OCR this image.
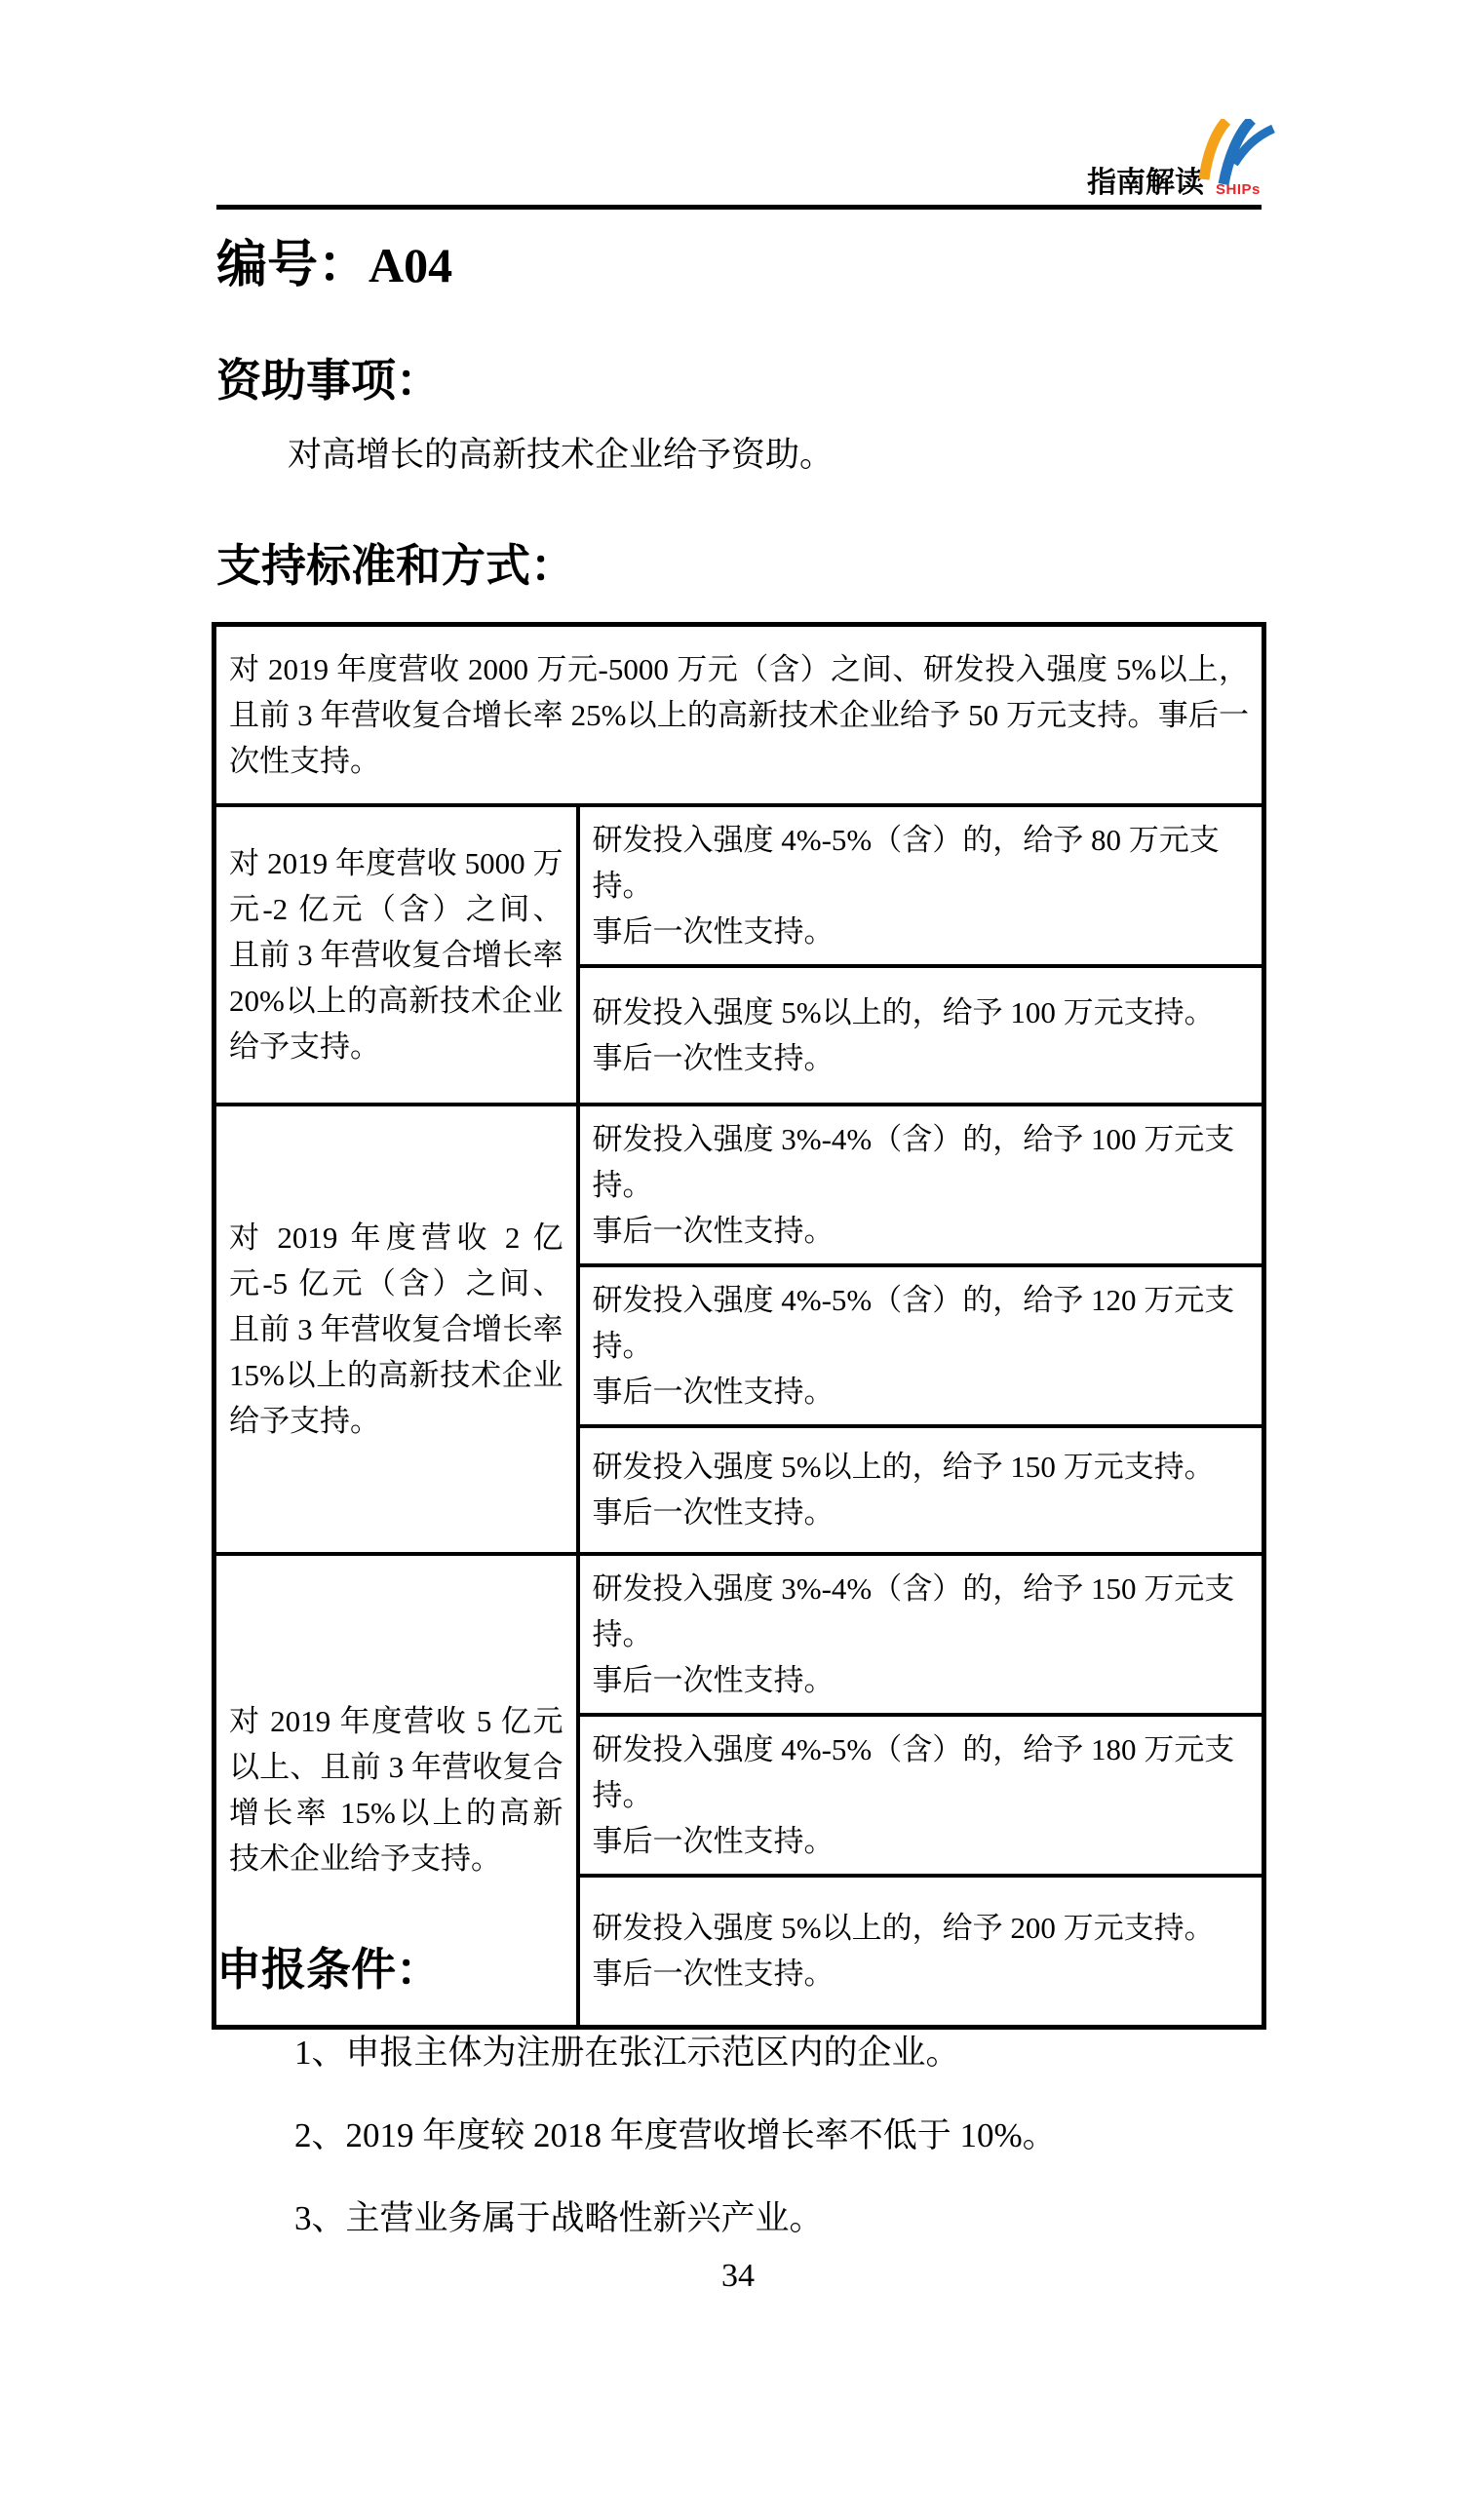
指南解读 SHIPs
编号：A04
资助事项：
对高增长的高新技术企业给予资助。
支持标准和方式：
对 2019 年度营收 2000 万元-5000 万元（含）之间、研发投入强度 5%以上，且前 3 年营收复合增长率 25%以上的高新技术企业给予 50 万元支持。事后一次性支持。	
对 2019 年度营收 5000 万元-2 亿元（含）之间、且前 3 年营收复合增长率 20%以上的高新技术企业给予支持。	研发投入强度 4%-5%（含）的，给予 80 万元支持。
事后一次性支持。

	研发投入强度 5%以上的，给予 100 万元支持。
事后一次性支持。

对 2019 年度营收 2 亿元-5 亿元（含）之间、且前 3 年营收复合增长率 15%以上的高新技术企业给予支持。	研发投入强度 3%-4%（含）的，给予 100 万元支持。
事后一次性支持。

	研发投入强度 4%-5%（含）的，给予 120 万元支持。
事后一次性支持。

	研发投入强度 5%以上的，给予 150 万元支持。
事后一次性支持。

对 2019 年度营收 5 亿元以上、且前 3 年营收复合增长率 15%以上的高新技术企业给予支持。	研发投入强度 3%-4%（含）的，给予 150 万元支持。
事后一次性支持。

	研发投入强度 4%-5%（含）的，给予 180 万元支持。
事后一次性支持。

	研发投入强度 5%以上的，给予 200 万元支持。
事后一次性支持。
申报条件：
1、申报主体为注册在张江示范区内的企业。
2、2019 年度较 2018 年度营收增长率不低于 10%。
3、主营业务属于战略性新兴产业。
34
